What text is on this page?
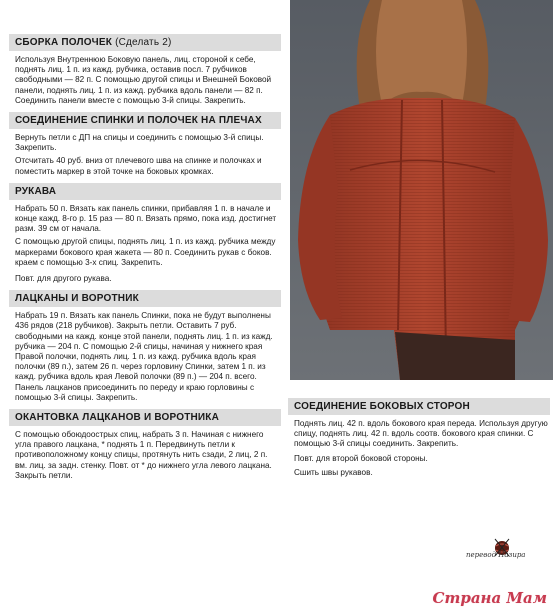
СБОРКА ПОЛОЧЕК (Сделать 2)

Используя Внутреннюю Боковую панель, лиц. стороной к себе, поднять лиц. 1 п. из кажд. рубчика, оставив посл. 7 рубчиков свободными — 82 п. С помощью другой спицы и Внешней Боковой панели, поднять лиц. 1 п. из кажд. рубчика вдоль панели — 82 п. Соединить панели вместе с помощью 3-й спицы. Закрепить.

СОЕДИНЕНИЕ СПИНКИ И ПОЛОЧЕК НА ПЛЕЧАХ

Вернуть петли с ДП на спицы и соединить с помощью 3-й спицы. Закрепить.

Отсчитать 40 руб. вниз от плечевого шва на спинке и полочках и поместить маркер в этой точке на боковых кромках.

РУКАВА

Набрать 50 п. Вязать как панель спинки, прибавляя 1 п. в начале и конце кажд. 8-го р. 15 раз — 80 п. Вязать прямо, пока изд. достигнет разм. 39 см от начала.

С помощью другой спицы, поднять лиц. 1 п. из кажд. рубчика между маркерами бокового края жакета — 80 п. Соединить рукав с боков. краем с помощью 3-х спиц. Закрепить.

Повт. для другого рукава.

ЛАЦКАНЫ И ВОРОТНИК

Набрать 19 п. Вязать как панель Спинки, пока не будут выполнены 436 рядов (218 рубчиков). Закрыть петли. Оставить 7 руб. свободными на кажд. конце этой панели, поднять лиц. 1 п. из кажд. рубчика — 204 п. С помощью 2-й спицы, начиная у нижнего края Правой полочки, поднять лиц. 1 п. из кажд. рубчика вдоль края полочки (89 п.), затем 26 п. через горловину Спинки, затем 1 п. из кажд. рубчика вдоль края Левой полочки (89 п.) — 204 п. всего. Панель лацканов присоединить по переду и краю горловины с помощью 3-й спицы. Закрепить.

ОКАНТОВКА ЛАЦКАНОВ И ВОРОТНИКА

С помощью обоюдоострых спиц, набрать 3 п. Начиная с нижнего угла правого лацкана, * поднять 1 п. Передвинуть петли к противоположному концу спицы, протянуть нить сзади, 2 лиц, 2 п. вм. лиц. за задн. стенку. Повт. от * до нижнего угла левого лацкана. Закрыть петли.

СОЕДИНЕНИЕ БОКОВЫХ СТОРОН

Поднять лиц. 42 п. вдоль бокового края переда. Используя другую спицу, поднять лиц. 42 п. вдоль соотв. бокового края спинки. С помощью 3-й спицы соединить. Закрепить.

Повт. для второй боковой стороны.

Сшить швы рукавов.

перевод Назира
Страна Мам
